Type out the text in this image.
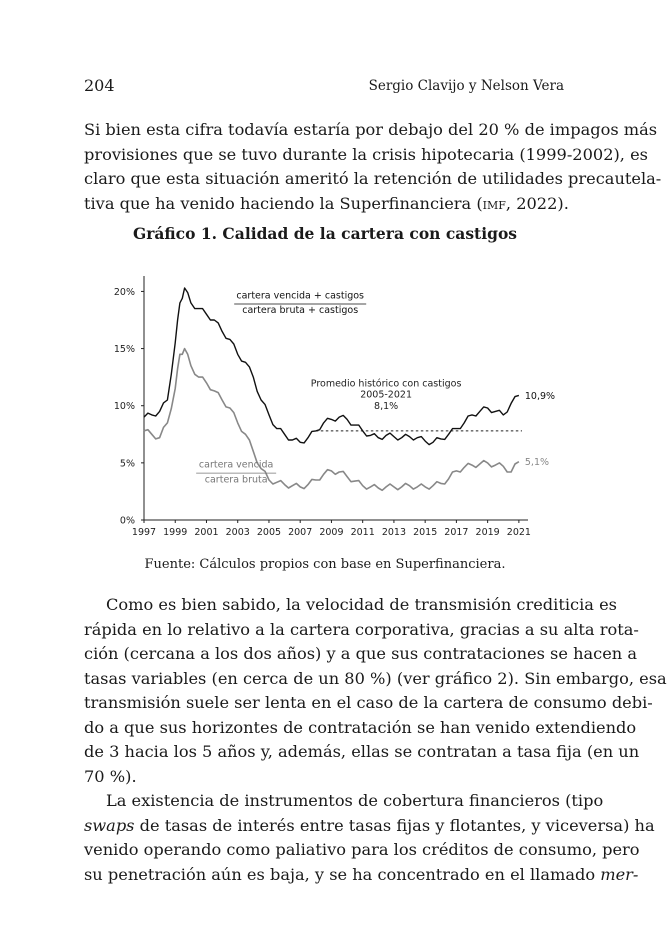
204	Sergio Clavijo y Nelson Vera
Si bien esta cifra todavía estaría por debajo del 20 % de impagos más
provisiones que se tuvo durante la crisis hipotecaria (1999-2002), es
claro que esta situación ameritó la retención de utilidades precautela-
tiva que ha venido haciendo la Superfinanciera (imf, 2022).
Gráfico 1. Calidad de la cartera con castigos
0%
5%
10%
15%
20%
1997 1999 2001 2003 2005 2007 2009 2011 2013 2015 2017 2019 2021
Promedio histórico con castigos
2005-2021
8,1%
10,9%
5,1%
cartera vencida + castigos
cartera bruta + castigos
cartera vencida
cartera bruta
Fuente: Cálculos propios con base en Superfinanciera.
Como es bien sabido, la velocidad de transmisión crediticia es
rápida en lo relativo a la cartera corporativa, gracias a su alta rota-
ción (cercana a los dos años) y a que sus contrataciones se hacen a
tasas variables (en cerca de un 80 %) (ver gráfico 2). Sin embargo, esa
transmisión suele ser lenta en el caso de la cartera de consumo debi-
do a que sus horizontes de contratación se han venido extendiendo
de 3 hacia los 5 años y, además, ellas se contratan a tasa fija (en un
70 %).
La existencia de instrumentos de cobertura financieros (tipo
swaps de tasas de interés entre tasas fijas y flotantes, y viceversa) ha
venido operando como paliativo para los créditos de consumo, pero
su penetración aún es baja, y se ha concentrado en el llamado mer-
